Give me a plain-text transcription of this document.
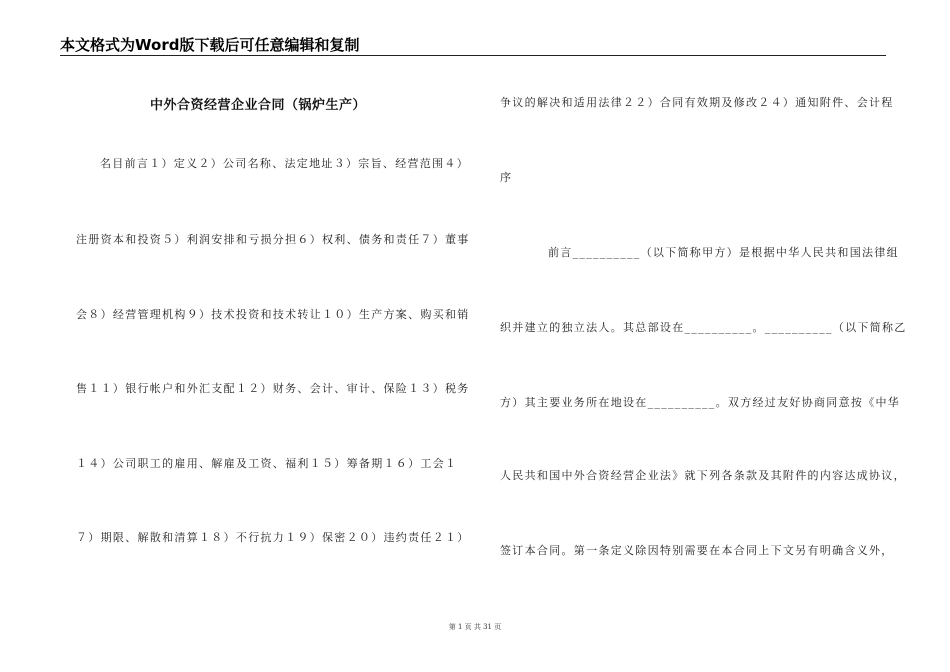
本文格式为Word版下载后可任意编辑和复制
中外合资经营企业合同（锅炉生产）
名目前言１）定义２）公司名称、法定地址３）宗旨、经营范围４）
注册资本和投资５）利润安排和亏损分担６）权利、债务和责任７）董事
会８）经营管理机构９）技术投资和技术转让１０）生产方案、购买和销
售１１）银行帐户和外汇支配１２）财务、会计、审计、保险１３）税务
１４）公司职工的雇用、解雇及工资、福利１５）筹备期１６）工会１
７）期限、解散和清算１８）不行抗力１９）保密２０）违约责任２１）
争议的解决和适用法律２２）合同有效期及修改２４）通知附件、会计程
序
前言__________（以下简称甲方）是根据中华人民共和国法律组
织并建立的独立法人。其总部设在__________。__________（以下简称乙
方）其主要业务所在地设在__________。双方经过友好协商同意按《中华
人民共和国中外合资经营企业法》就下列各条款及其附件的内容达成协议，
签订本合同。第一条定义除因特别需要在本合同上下文另有明确含义外，
第 1 页 共 31 页
